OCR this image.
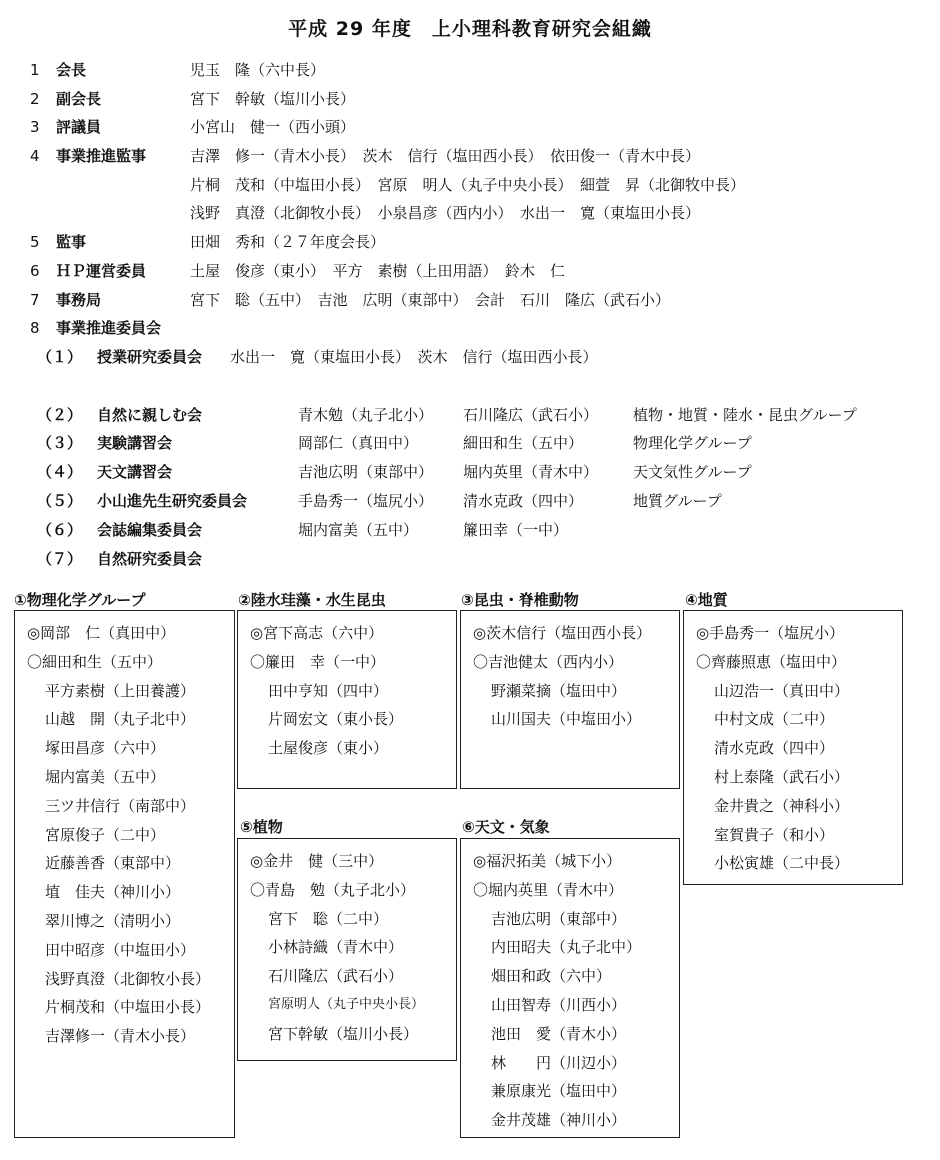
平成 29 年度　上小理科教育研究会組織
1 会長	児玉　隆（六中長）
2 副会長	宮下　幹敏（塩川小長）
3 評議員	小宮山　健一（西小頭）
4 事業推進監事	吉澤　修一（青木小長）　茨木　信行（塩田西小長）　依田俊一（青木中長）
片桐　茂和（中塩田小長）　宮原　明人（丸子中央小長）　細萱　昇（北御牧中長）
浅野　真澄（北御牧小長）　小泉昌彦（西内小）　水出一　寛（東塩田小長）
5 監事	田畑　秀和（２７年度会長）
6 ＨＰ運営委員	土屋　俊彦（東小）　平方　素樹（上田用語）　鈴木　仁
7 事務局	宮下　聡（五中）　吉池　広明（東部中）　会計　石川　隆広（武石小）
8 事業推進委員会
（１） 授業研究委員会 水出一　寛（東塩田小長）　茨木　信行（塩田西小長）
（２） 自然に親しむ会	青木勉（丸子北小） 石川隆広（武石小） 植物・地質・陸水・昆虫グループ
（３） 実験講習会	岡部仁（真田中）	細田和生（五中）	物理化学グループ
（４） 天文講習会	吉池広明（東部中） 堀内英里（青木中） 天文気性グループ
（５） 小山進先生研究委員会	手島秀一（塩尻小） 清水克政（四中）	地質グループ
（６） 会誌編集委員会	堀内富美（五中）	簾田幸（一中）
（７） 自然研究委員会
①物理化学グループ
◎岡部　仁（真田中）
〇細田和生（五中）
平方素樹（上田養護）
山越　開（丸子北中）
塚田昌彦（六中）
堀内富美（五中）
三ツ井信行（南部中）
宮原俊子（二中）
近藤善香（東部中）
埴　佳夫（神川小）
翠川博之（清明小）
田中昭彦（中塩田小）
浅野真澄（北御牧小長）
片桐茂和（中塩田小長）
吉澤修一（青木小長）
②陸水珪藻・水生昆虫
◎宮下高志（六中）
〇簾田　幸（一中）
田中亨知（四中）
片岡宏文（東小長）
土屋俊彦（東小）
③昆虫・脊椎動物
◎茨木信行（塩田西小長）
〇吉池健太（西内小）
野瀬菜摘（塩田中）
山川国夫（中塩田小）
④地質
◎手島秀一（塩尻小）
〇齊藤照恵（塩田中）
山辺浩一（真田中）
中村文成（二中）
清水克政（四中）
村上泰隆（武石小）
金井貴之（神科小）
室賀貴子（和小）
小松寅雄（二中長）
⑤植物
◎金井　健（三中）
〇青島　勉（丸子北小）
宮下　聡（二中）
小林詩織（青木中）
石川隆広（武石小）
宮原明人（丸子中央小長）
宮下幹敏（塩川小長）
⑥天文・気象
◎福沢拓美（城下小）
〇堀内英里（青木中）
吉池広明（東部中）
内田昭夫（丸子北中）
畑田和政（六中）
山田智寿（川西小）
池田　愛（青木小）
林　　円（川辺小）
兼原康光（塩田中）
金井茂雄（神川小）
